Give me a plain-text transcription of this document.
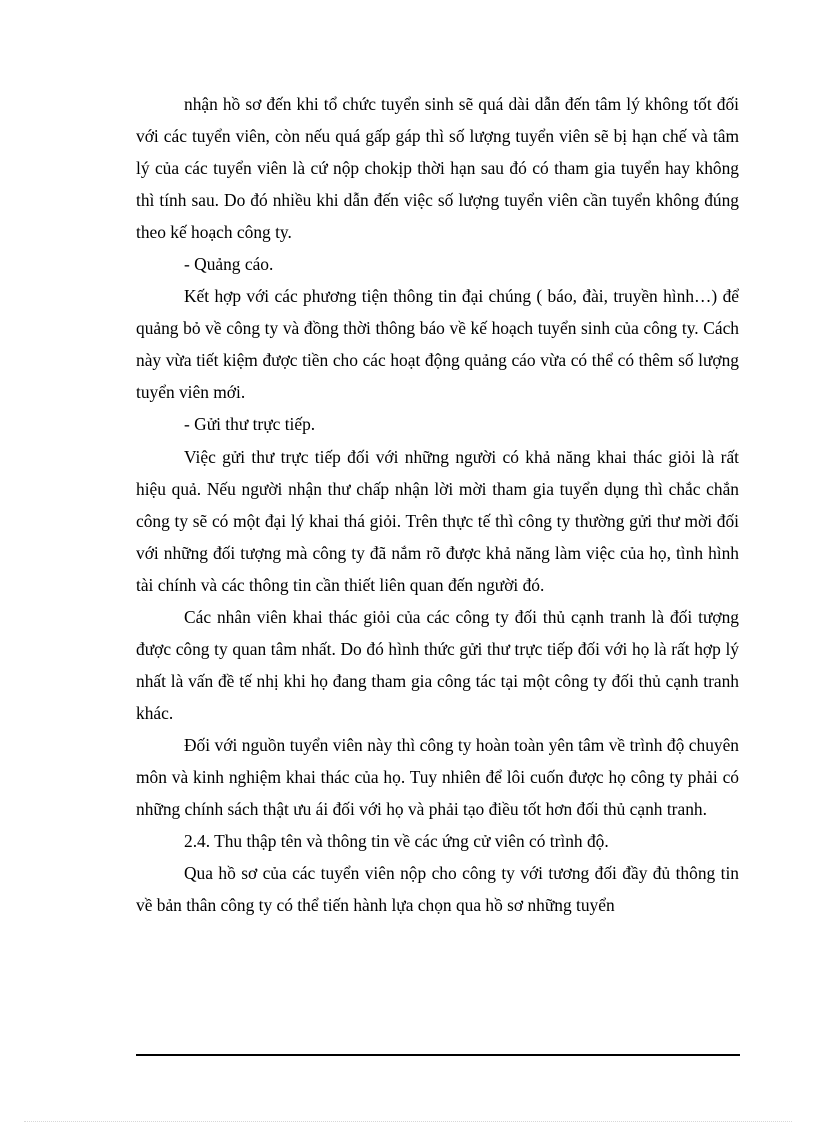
nhận hồ sơ đến khi tổ chức tuyển sinh sẽ quá dài dẫn đến tâm lý không tốt đối với các tuyển viên, còn nếu quá gấp gáp thì số lượng tuyển viên sẽ bị hạn chế và tâm lý của các tuyển viên là cứ nộp chokịp thời hạn sau đó có tham gia tuyển hay không thì tính sau. Do đó nhiều khi dẫn đến việc số lượng tuyển viên cần tuyển không đúng theo kế hoạch công ty.

- Quảng cáo.

Kết hợp với các phương tiện thông tin đại chúng ( báo, đài, truyền hình…) để quảng bỏ về công ty và đồng thời thông báo về kế hoạch tuyển sinh của công ty. Cách này vừa tiết kiệm được tiền cho các hoạt động quảng cáo vừa có thể có thêm số lượng tuyển viên mới.

- Gửi thư trực tiếp.

Việc gửi thư trực tiếp đối với những người có khả năng khai thác giỏi là rất hiệu quả. Nếu người nhận thư chấp nhận lời mời tham gia tuyển dụng thì chắc chắn công ty sẽ có một đại lý khai thá giỏi. Trên thực tế thì công ty thường gửi thư mời đối với những đối tượng mà công ty đã nắm rõ được khả năng làm việc của họ, tình hình tài chính và các thông tin cần thiết liên quan đến người đó.

Các nhân viên khai thác giỏi của các công ty đối thủ cạnh tranh là đối tượng được công ty quan tâm nhất. Do đó hình thức gửi thư trực tiếp đối với họ là rất hợp lý nhất là vấn đề tế nhị khi họ đang tham gia công tác tại một công ty đối thủ cạnh tranh khác.

Đối với nguồn tuyển viên này thì công ty hoàn toàn yên tâm về trình độ chuyên môn và kinh nghiệm khai thác của họ. Tuy nhiên để lôi cuốn được họ công ty phải có những chính sách thật ưu ái đối với họ và phải tạo điều tốt hơn đối thủ cạnh tranh.

2.4. Thu thập tên và thông tin về các ứng cử viên có trình độ.

Qua hồ sơ của các tuyển viên nộp cho công ty với tương đối đầy đủ thông tin về bản thân công ty có thể tiến hành lựa chọn qua hồ sơ những tuyển
